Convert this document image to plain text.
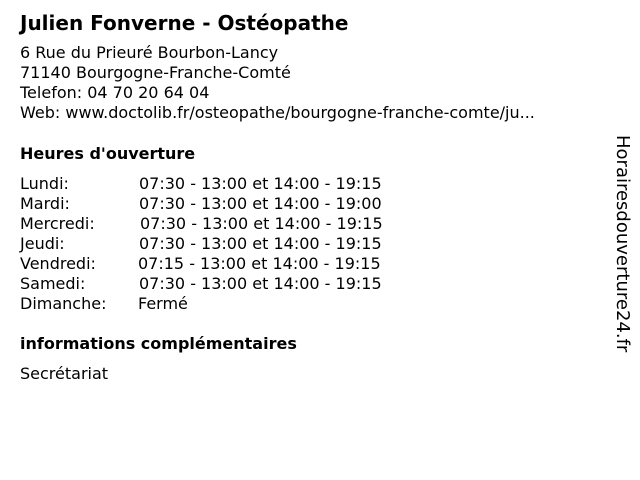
Julien Fonverne - Ostéopathe
6 Rue du Prieuré Bourbon-Lancy
71140 Bourgogne-Franche-Comté
Telefon: 04 70 20 64 04
Web: www.doctolib.fr/osteopathe/bourgogne-franche-comte/ju...
Heures d'ouverture
Lundi:	07:30 - 13:00 et 14:00 - 19:15
Mardi:	07:30 - 13:00 et 14:00 - 19:00
Mercredi:	07:30 - 13:00 et 14:00 - 19:15
Jeudi:	07:30 - 13:00 et 14:00 - 19:15
Vendredi:	07:15 - 13:00 et 14:00 - 19:15
Samedi:	07:30 - 13:00 et 14:00 - 19:15
Dimanche: Fermé
informations complémentaires
Secrétariat
Horairesdouverture24.fr
